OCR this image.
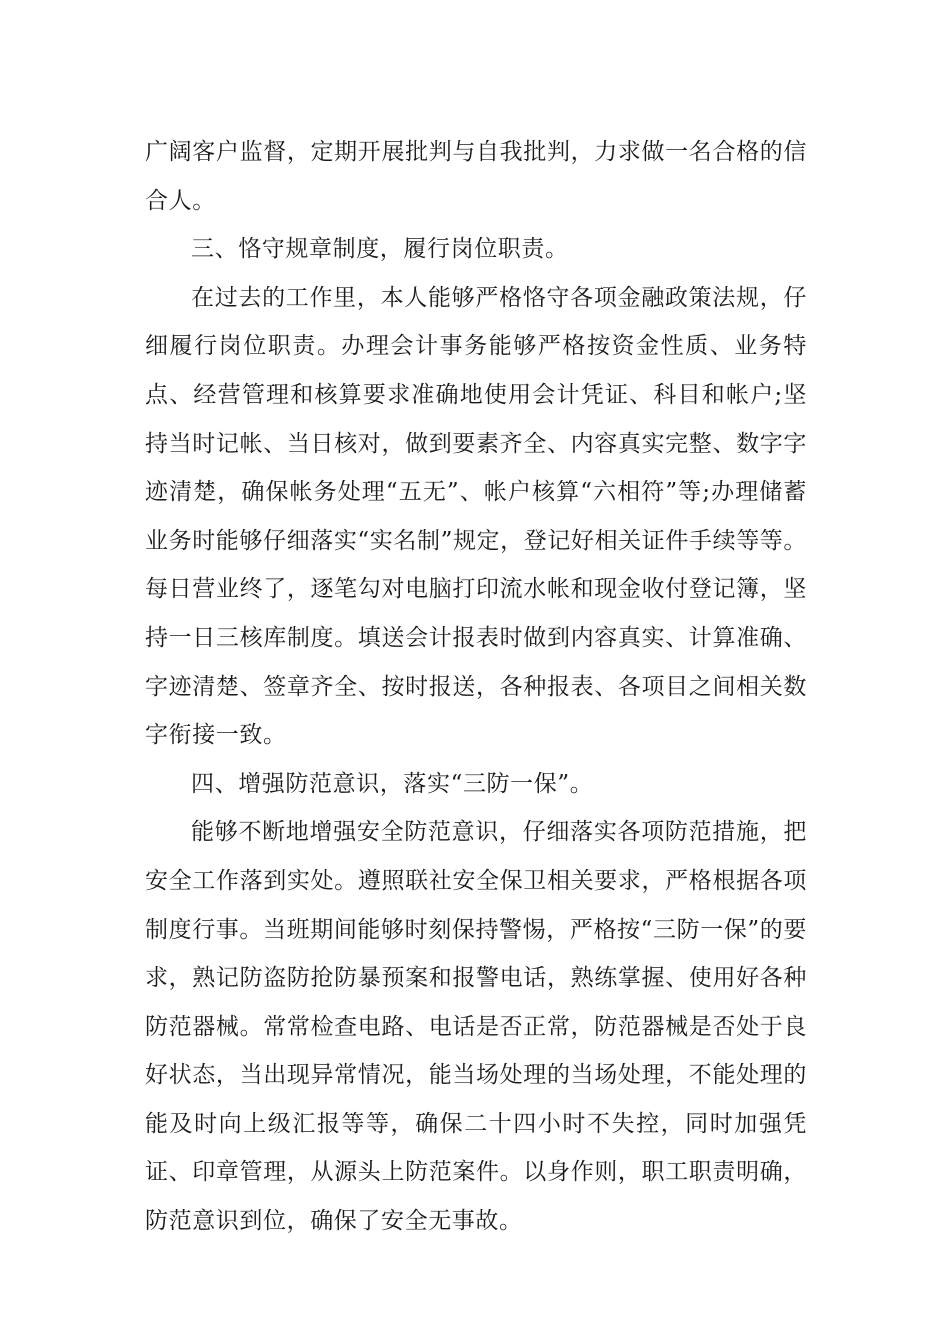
广阔客户监督，定期开展批判与自我批判，力求做一名合格的信合人。

三、恪守规章制度，履行岗位职责。

在过去的工作里，本人能够严格恪守各项金融政策法规，仔细履行岗位职责。办理会计事务能够严格按资金性质、业务特点、经营管理和核算要求准确地使用会计凭证、科目和帐户;坚持当时记帐、当日核对，做到要素齐全、内容真实完整、数字字迹清楚，确保帐务处理“五无”、帐户核算“六相符”等;办理储蓄业务时能够仔细落实“实名制”规定，登记好相关证件手续等等。每日营业终了，逐笔勾对电脑打印流水帐和现金收付登记簿，坚持一日三核库制度。填送会计报表时做到内容真实、计算准确、字迹清楚、签章齐全、按时报送，各种报表、各项目之间相关数字衔接一致。

四、增强防范意识，落实“三防一保”。

能够不断地增强安全防范意识，仔细落实各项防范措施，把安全工作落到实处。遵照联社安全保卫相关要求，严格根据各项制度行事。当班期间能够时刻保持警惕，严格按“三防一保”的要求，熟记防盗防抢防暴预案和报警电话，熟练掌握、使用好各种防范器械。常常检查电路、电话是否正常，防范器械是否处于良好状态，当出现异常情况，能当场处理的当场处理，不能处理的能及时向上级汇报等等，确保二十四小时不失控，同时加强凭证、印章管理，从源头上防范案件。以身作则，职工职责明确，防范意识到位，确保了安全无事故。
